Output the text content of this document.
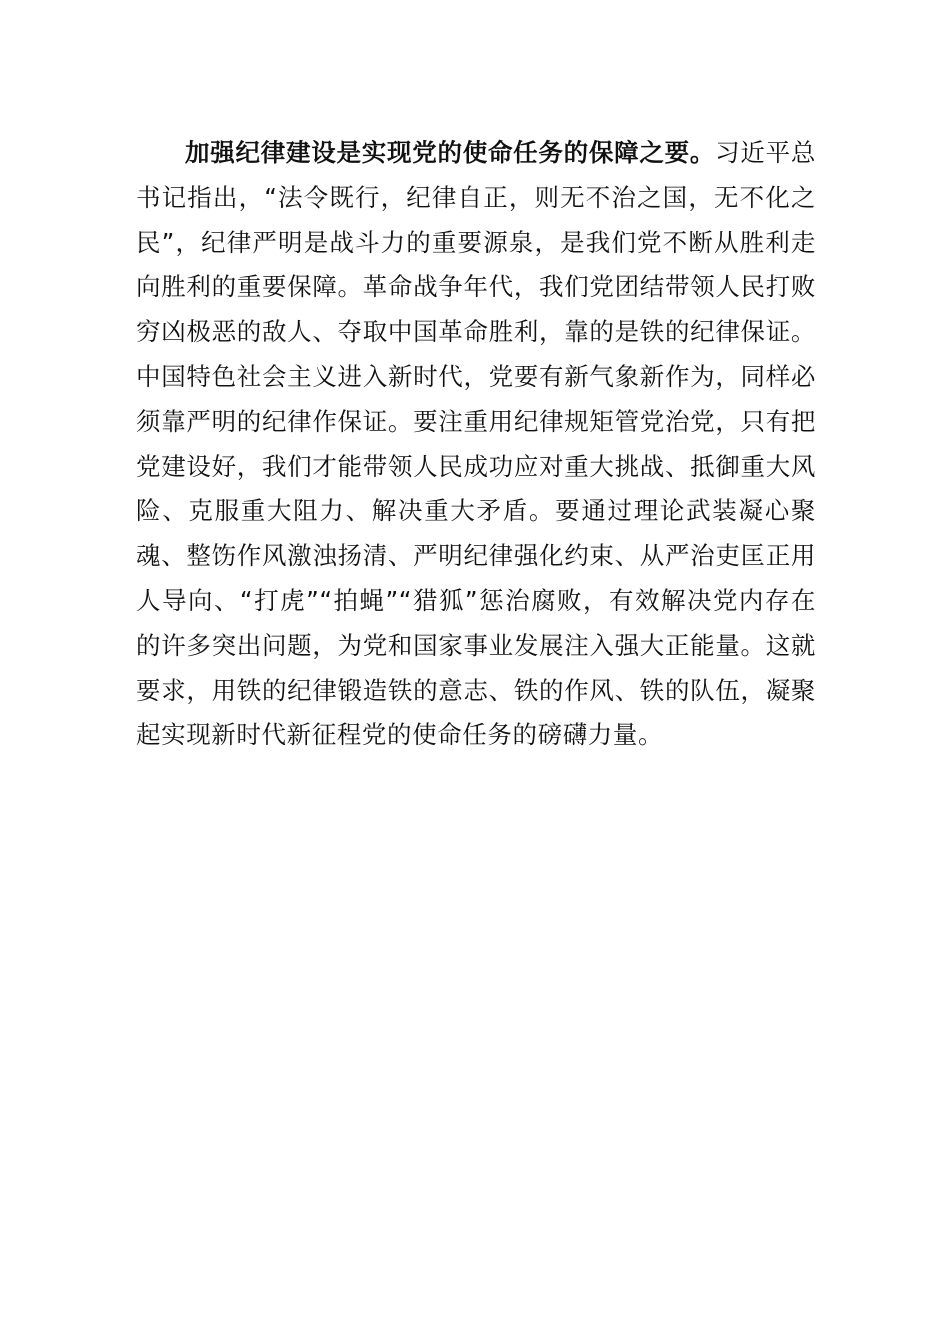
加强纪律建设是实现党的使命任务的保障之要。习近平总书记指出，“法令既行，纪律自正，则无不治之国，无不化之民”，纪律严明是战斗力的重要源泉，是我们党不断从胜利走向胜利的重要保障。革命战争年代，我们党团结带领人民打败穷凶极恶的敌人、夺取中国革命胜利，靠的是铁的纪律保证。中国特色社会主义进入新时代，党要有新气象新作为，同样必须靠严明的纪律作保证。要注重用纪律规矩管党治党，只有把党建设好，我们才能带领人民成功应对重大挑战、抵御重大风险、克服重大阻力、解决重大矛盾。要通过理论武装凝心聚魂、整饬作风激浊扬清、严明纪律强化约束、从严治吏匡正用人导向、“打虎”“拍蝇”“猎狐”惩治腐败，有效解决党内存在的许多突出问题，为党和国家事业发展注入强大正能量。这就要求，用铁的纪律锻造铁的意志、铁的作风、铁的队伍，凝聚起实现新时代新征程党的使命任务的磅礴力量。
